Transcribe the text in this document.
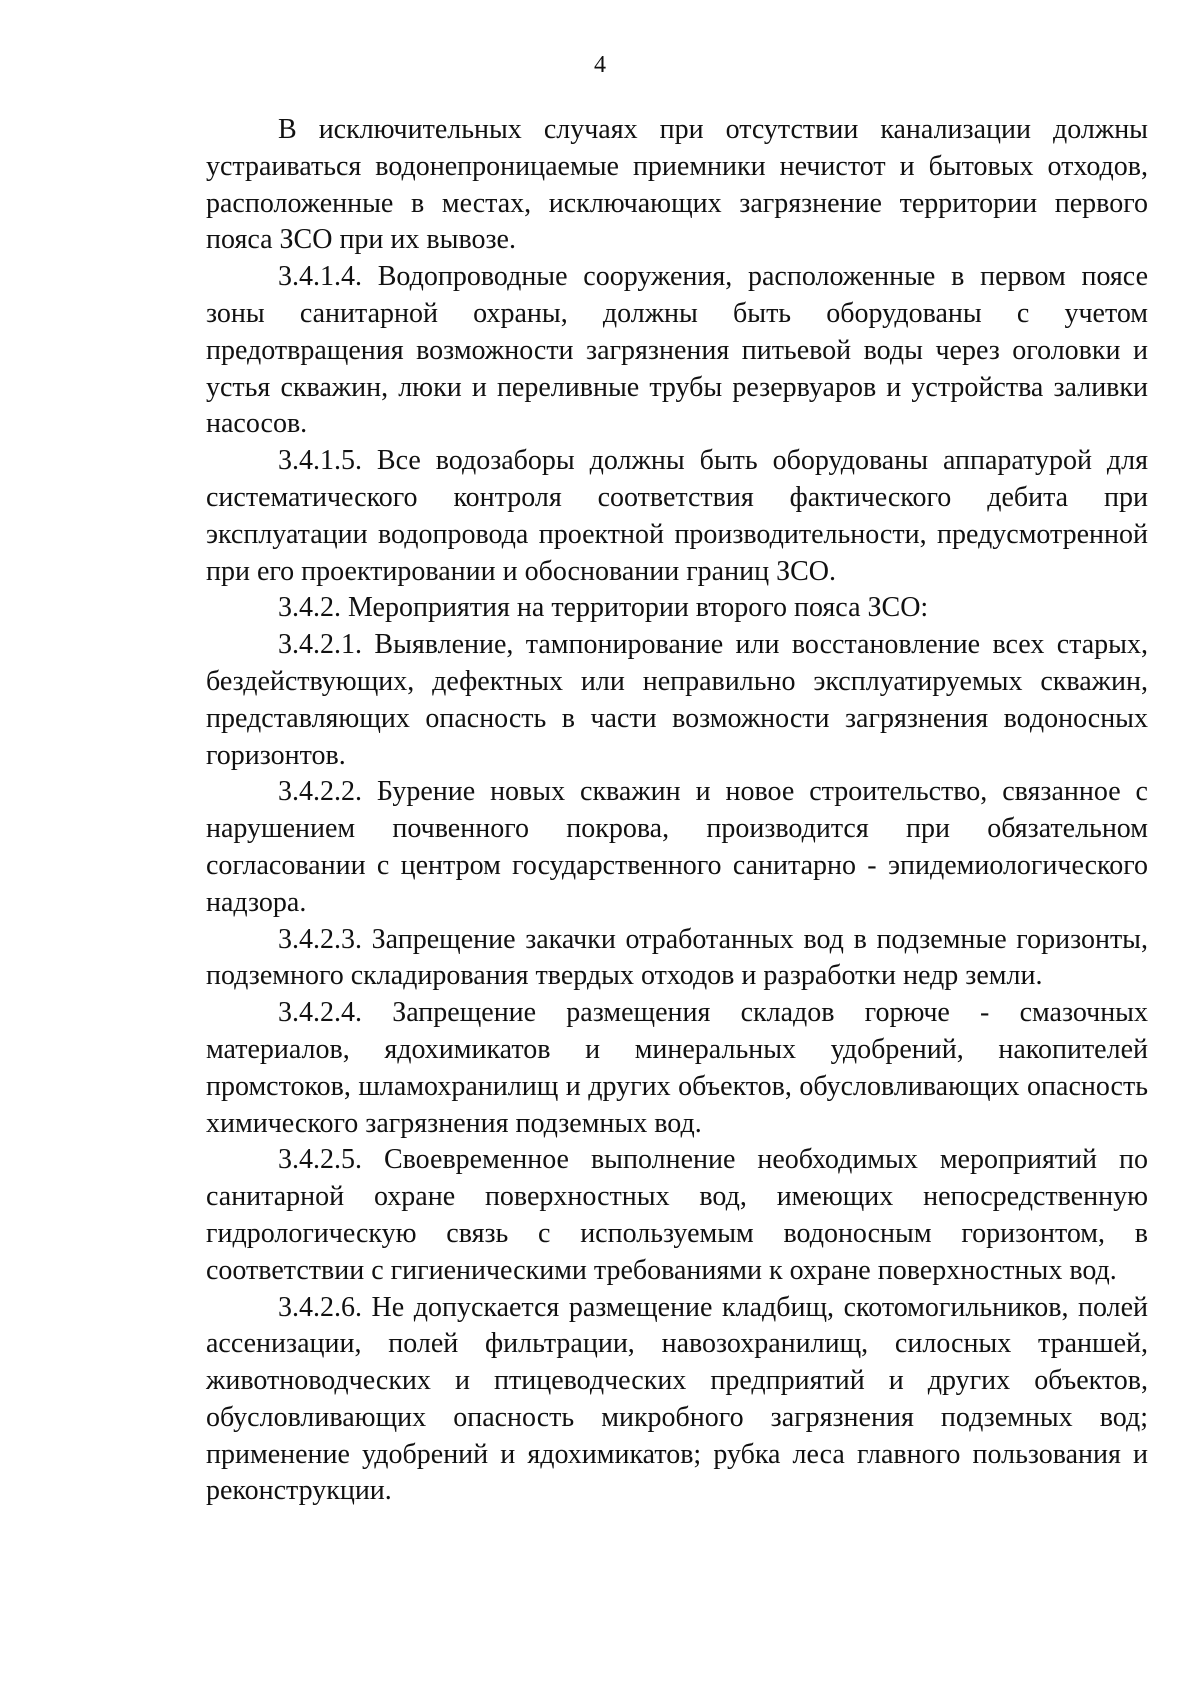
4

В исключительных случаях при отсутствии канализации должны устраиваться водонепроницаемые приемники нечистот и бытовых отходов, расположенные в местах, исключающих загрязнение территории первого пояса ЗСО при их вывозе.

3.4.1.4. Водопроводные сооружения, расположенные в первом поясе зоны санитарной охраны, должны быть оборудованы с учетом предотвращения возможности загрязнения питьевой воды через оголовки и устья скважин, люки и переливные трубы резервуаров и устройства заливки насосов.

3.4.1.5. Все водозаборы должны быть оборудованы аппаратурой для систематического контроля соответствия фактического дебита при эксплуатации водопровода проектной производительности, предусмотренной при его проектировании и обосновании границ ЗСО.

3.4.2. Мероприятия на территории второго пояса ЗСО:

3.4.2.1. Выявление, тампонирование или восстановление всех старых, бездействующих, дефектных или неправильно эксплуатируемых скважин, представляющих опасность в части возможности загрязнения водоносных горизонтов.

3.4.2.2. Бурение новых скважин и новое строительство, связанное с нарушением почвенного покрова, производится при обязательном согласовании с центром государственного санитарно - эпидемиологического надзора.

3.4.2.3. Запрещение закачки отработанных вод в подземные горизонты, подземного складирования твердых отходов и разработки недр земли.

3.4.2.4. Запрещение размещения складов горюче - смазочных материалов, ядохимикатов и минеральных удобрений, накопителей промстоков, шламохранилищ и других объектов, обусловливающих опасность химического загрязнения подземных вод.

3.4.2.5. Своевременное выполнение необходимых мероприятий по санитарной охране поверхностных вод, имеющих непосредственную гидрологическую связь с используемым водоносным горизонтом, в соответствии с гигиеническими требованиями к охране поверхностных вод.

3.4.2.6. Не допускается размещение кладбищ, скотомогильников, полей ассенизации, полей фильтрации, навозохранилищ, силосных траншей, животноводческих и птицеводческих предприятий и других объектов, обусловливающих опасность микробного загрязнения подземных вод; применение удобрений и ядохимикатов; рубка леса главного пользования и реконструкции.
